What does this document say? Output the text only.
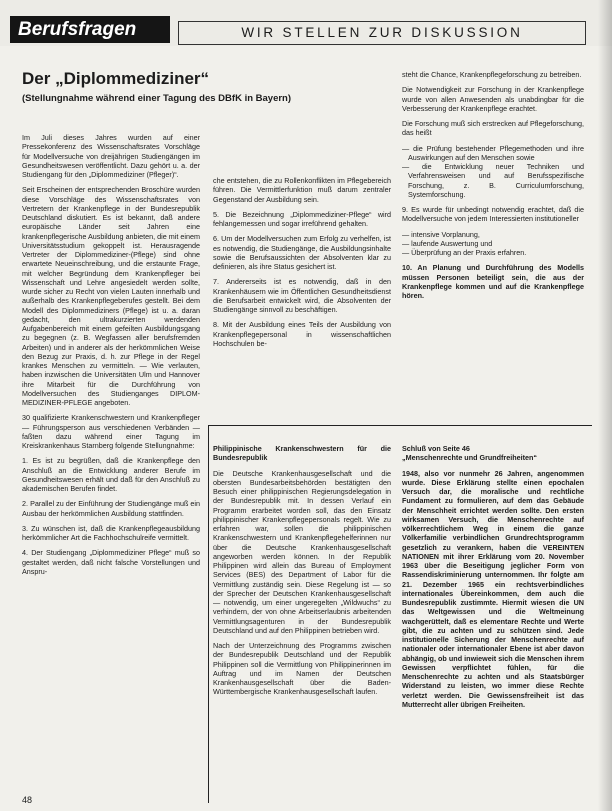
Berufsfragen	WIR STELLEN ZUR DISKUSSION
Der „Diplommediziner“
(Stellungnahme während einer Tagung des DBfK in Bayern)

Im Juli dieses Jahres wurden auf einer Pressekonferenz des Wissenschaftsrates Vorschläge für Modellversuche von dreijährigen Studiengängen im Gesundheitswesen veröffentlicht. Dazu gehört u. a. der Studiengang für den „Diplommediziner (Pfleger)“.

Seit Erscheinen der entsprechenden Broschüre wurden diese Vorschläge des Wissenschaftsrates von Vertretern der Krankenpflege in der Bundesrepublik Deutschland diskutiert. Es ist bekannt, daß andere europäische Länder seit Jahren eine krankenpflegerische Ausbildung anbieten, die mit einem Universitätsstudium gekoppelt ist. Herausragende Vertreter der Diplommediziner-(Pflege) sind ohne erwartete Neueinschreibung, und die erstaunte Frage, mit welcher Begründung dem Krankenpfleger bei Wissenschaft und Lehre angesiedelt werden sollte, wurde sicher zu Recht von vielen Lauten innerhalb und außerhalb des Krankenpflegeberufes gestellt. Bei dem Modell des Diplommediziners (Pflege) ist u. a. daran gedacht, den ultrakurzierten werdenden Aufgabenbereich mit einem gefeilten Ausbildungsgang zu begegnen (z. B. Wegfassen aller berufsfremden Arbeiten) und in anderer als der herkömmlichen Weise den Bezug zur Praxis, d. h. zur Pflege in der Regel krankes Menschen zu vermitteln. — Wie verlauten, haben inzwischen die Universitäten Ulm und Hannover ihre Mitarbeit für die Durchführung von Modellversuchen des Studienganges DIPLOM-MEDIZINER-PFLEGE angeboten.

30 qualifizierte Krankenschwestern und Krankenpfleger — Führungsperson aus verschiedenen Verbänden — faßten dazu während einer Tagung im Kreiskrankenhaus Starnberg folgende Stellungnahme:

1. Es ist zu begrüßen, daß die Krankenpflege den Anschluß an die Entwicklung anderer Berufe im Gesundheitswesen erhält und daß für den Anschluß zu akademischen Berufen findet.

2. Parallel zu der Einführung der Studiengänge muß ein Ausbau der herkömmlichen Ausbildung stattfinden.

3. Zu wünschen ist, daß die Krankenpflegeausbildung herkömmlicher Art die Fachhochschulreife vermittelt.

4. Der Studiengang „Diplommediziner Pflege“ muß so gestaltet werden, daß nicht falsche Vorstellungen und Anspru-

che entstehen, die zu Rollenkonflikten im Pflegebereich führen. Die Vermittlerfunktion muß darum zentraler Gegenstand der Ausbildung sein.

5. Die Bezeichnung „Diplommediziner-Pflege“ wird fehlangemessen und sogar irreführend gehalten.

6. Um der Modellversuchen zum Erfolg zu verhelfen, ist es notwendig, die Studiengänge, die Ausbildungsinhalte sowie die Berufsaussichten der Absolventen klar zu definieren, als ihre Status gesichert ist.

7. Andererseits ist es notwendig, daß in den Krankenhäusern wie im Öffentlichen Gesundheitsdienst die Berufsarbeit entwickelt wird, die Absolventen der Studiengänge sinnvoll zu beschäftigen.

8. Mit der Ausbildung eines Teils der Ausbildung von Krankenpflegepersonal in wissenschaftlichen Hochschulen be-

steht die Chance, Krankenpflegeforschung zu betreiben.

Die Notwendigkeit zur Forschung in der Krankenpflege wurde von allen Anwesenden als unabdingbar für die Verbesserung der Krankenpflege erachtet.

Die Forschung muß sich erstrecken auf Pflegeforschung, das heißt

— die Prüfung bestehender Pflegemethoden und ihre Auswirkungen auf den Menschen sowie
— die Entwicklung neuer Techniken und Verfahrensweisen und auf Berufsspezifische Forschung, z. B. Curriculumforschung, Systemforschung.

9. Es wurde für unbedingt notwendig erachtet, daß die Modellversuche von jedem Interessierten institutioneller

— intensive Vorplanung,
— laufende Auswertung und
— Überprüfung an der Praxis erfahren.

10. An Planung und Durchführung des Modells müssen Personen beteiligt sein, die aus der Krankenpflege kommen und auf die Krankenpflege hören.

Philippinische Krankenschwestern für die Bundesrepublik

Die Deutsche Krankenhausgesellschaft und die obersten Bundesarbeitsbehörden bestätigten den Besuch einer philippinischen Regierungsdelegation in der Bundesrepublik mit. In dessen Verlauf ein Programm erarbeitet worden soll, das den Einsatz philippinischer Krankenpflegepersonals regelt. Wie zu erfahren war, sollen die philippinischen Krankenschwestern und Krankenpflegehelferinnen nur über die Deutsche Krankenhausgesellschaft angeworben werden können. In der Republik Philippinen wird allein das Bureau of Employment Services (BES) des Department of Labor für die Vermittlung zuständig sein. Diese Regelung ist — so der Sprecher der Deutschen Krankenhausgesellschaft — notwendig, um einer ungeregelten „Wildwuchs“ zu verhindern, der von ohne Arbeitserlaubnis arbeitenden Vermittlungsagenturen in der Bundesrepublik Deutschland und auf den Philippinen betrieben wird.

Nach der Unterzeichnung des Programms zwischen der Bundesrepublik Deutschland und der Republik Philippinen soll die Vermittlung von Philippinerinnen im Auftrag und im Namen der Deutschen Krankenhausgesellschaft über die Baden-Württembergische Krankenhausgesellschaft laufen.

Schluß von Seite 46
„Menschenrechte und Grundfreiheiten“

1948, also vor nunmehr 26 Jahren, angenommen wurde. Diese Erklärung stellte einen epochalen Versuch dar, die moralische und rechtliche Fundament zu formulieren, auf dem das Gebäude der Menschheit errichtet werden sollte. Den ersten wirksamen Versuch, die Menschenrechte auf völkerrechtlichem Weg in einem die ganze Völkerfamilie verbindlichen Grundrechtsprogramm gesetzlich zu verankern, haben die VEREINTEN NATIONEN mit ihrer Erklärung vom 20. November 1963 über die Beseitigung jeglicher Form von Rassendiskriminierung unternommen. Ihr folgte am 21. Dezember 1965 ein rechtsverbindliches internationales Übereinkommen, dem auch die Bundesrepublik zustimmte. Hiermit wiesen die UN das Weltgewissen und die Weltmeinung wachgerüttelt, daß es elementare Rechte und Werte gibt, die zu achten und zu schützen sind. Jede institutionelle Sicherung der Menschenrechte auf nationaler oder internationaler Ebene ist aber davon abhängig, ob und inwieweit sich die Menschen ihrem Gewissen verpflichtet fühlen, für die Menschenrechte zu achten und als Staatsbürger Widerstand zu leisten, wo immer diese Rechte verletzt werden. Die Gewissensfreiheit ist das Mutterrecht aller übrigen Freiheiten.

48
